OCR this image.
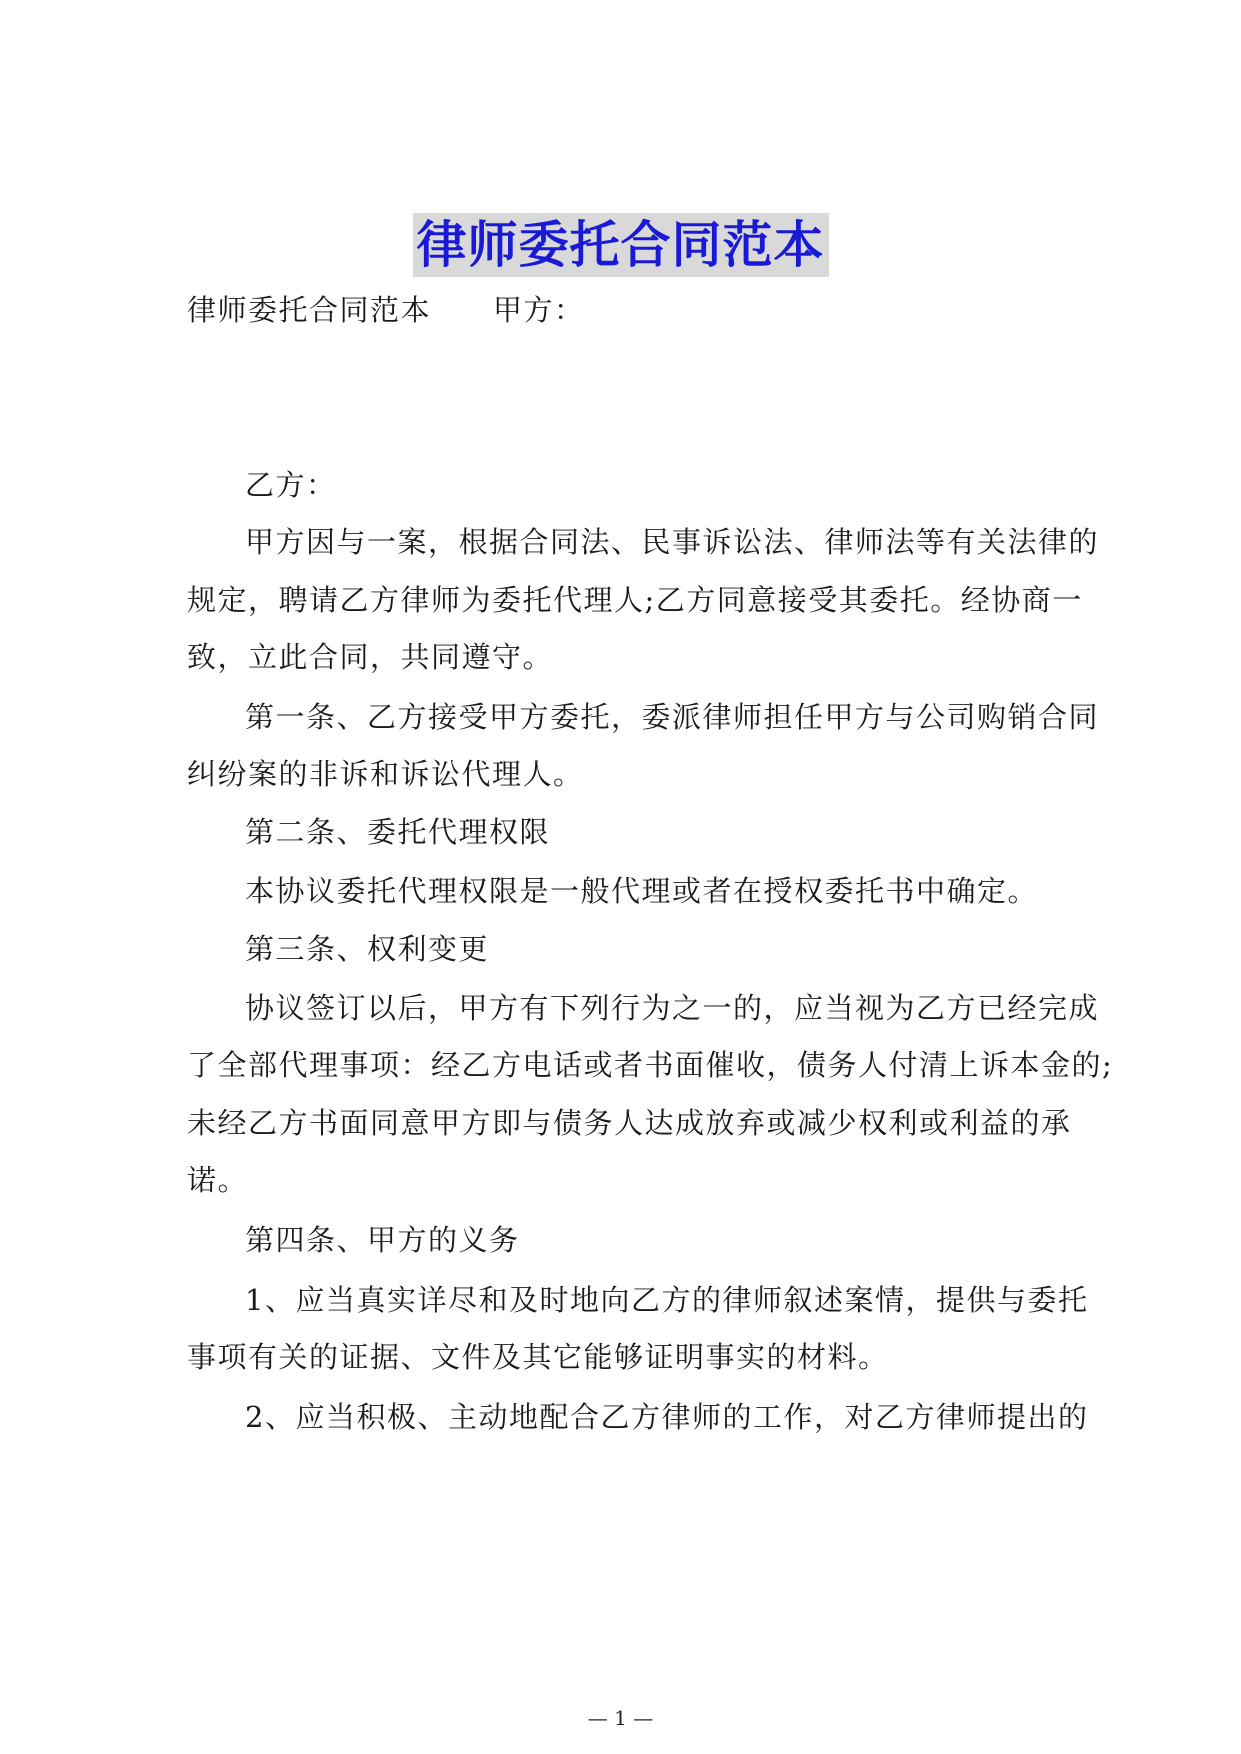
律师委托合同范本
律师委托合同范本 甲方：
乙方：
甲方因与一案，根据合同法、民事诉讼法、律师法等有关法律的
规定，聘请乙方律师为委托代理人;乙方同意接受其委托。经协商一
致，立此合同，共同遵守。
第一条、乙方接受甲方委托，委派律师担任甲方与公司购销合同
纠纷案的非诉和诉讼代理人。
第二条、委托代理权限
本协议委托代理权限是一般代理或者在授权委托书中确定。
第三条、权利变更
协议签订以后，甲方有下列行为之一的，应当视为乙方已经完成
了全部代理事项：经乙方电话或者书面催收，债务人付清上诉本金的;
未经乙方书面同意甲方即与债务人达成放弃或减少权利或利益的承
诺。
第四条、甲方的义务
1、应当真实详尽和及时地向乙方的律师叙述案情，提供与委托
事项有关的证据、文件及其它能够证明事实的材料。
2、应当积极、主动地配合乙方律师的工作，对乙方律师提出的
— 1 —
